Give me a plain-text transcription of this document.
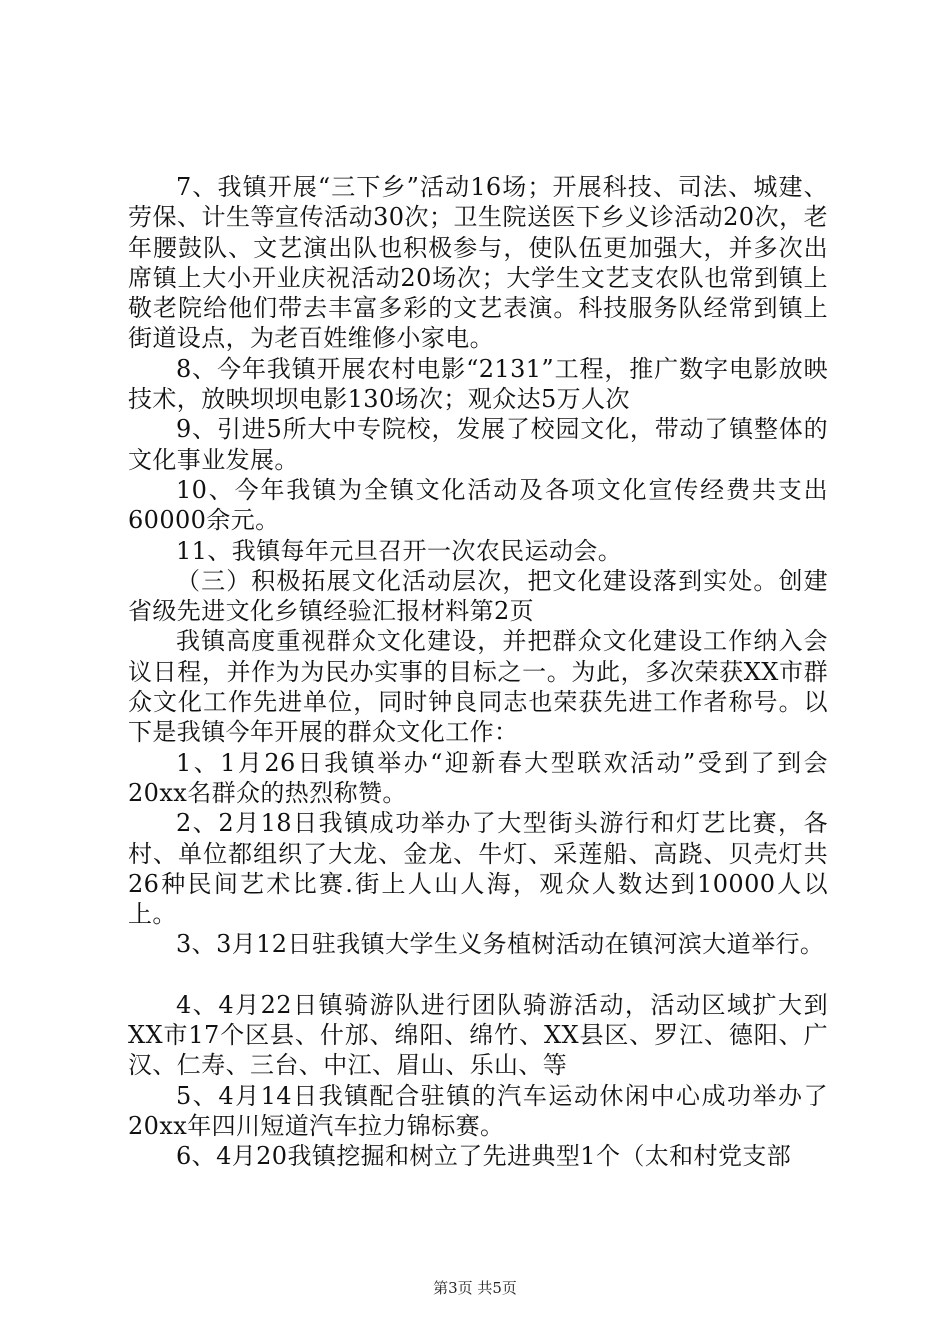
7、我镇开展“三下乡”活动16场；开展科技、司法、城建、劳保、计生等宣传活动30次；卫生院送医下乡义诊活动20次，老年腰鼓队、文艺演出队也积极参与，使队伍更加强大，并多次出席镇上大小开业庆祝活动20场次；大学生文艺支农队也常到镇上敬老院给他们带去丰富多彩的文艺表演。科技服务队经常到镇上街道设点，为老百姓维修小家电。

8、今年我镇开展农村电影“2131”工程，推广数字电影放映技术，放映坝坝电影130场次；观众达5万人次

9、引进5所大中专院校，发展了校园文化，带动了镇整体的文化事业发展。

10、今年我镇为全镇文化活动及各项文化宣传经费共支出60000余元。

11、我镇每年元旦召开一次农民运动会。

（三）积极拓展文化活动层次，把文化建设落到实处。创建省级先进文化乡镇经验汇报材料第2页

我镇高度重视群众文化建设，并把群众文化建设工作纳入会议日程，并作为为民办实事的目标之一。为此，多次荣获XX市群众文化工作先进单位，同时钟良同志也荣获先进工作者称号。以下是我镇今年开展的群众文化工作：

1、1月26日我镇举办“迎新春大型联欢活动”受到了到会20xx名群众的热烈称赞。

2、2月18日我镇成功举办了大型街头游行和灯艺比赛，各村、单位都组织了大龙、金龙、牛灯、采莲船、高跷、贝壳灯共26种民间艺术比赛.街上人山人海，观众人数达到10000人以上。

3、3月12日驻我镇大学生义务植树活动在镇河滨大道举行。

4、4月22日镇骑游队进行团队骑游活动，活动区域扩大到XX市17个区县、什邡、绵阳、绵竹、XX县区、罗江、德阳、广汉、仁寿、三台、中江、眉山、乐山、等

5、4月14日我镇配合驻镇的汽车运动休闲中心成功举办了20xx年四川短道汽车拉力锦标赛。

6、4月20我镇挖掘和树立了先进典型1个（太和村党支部

第3页 共5页
